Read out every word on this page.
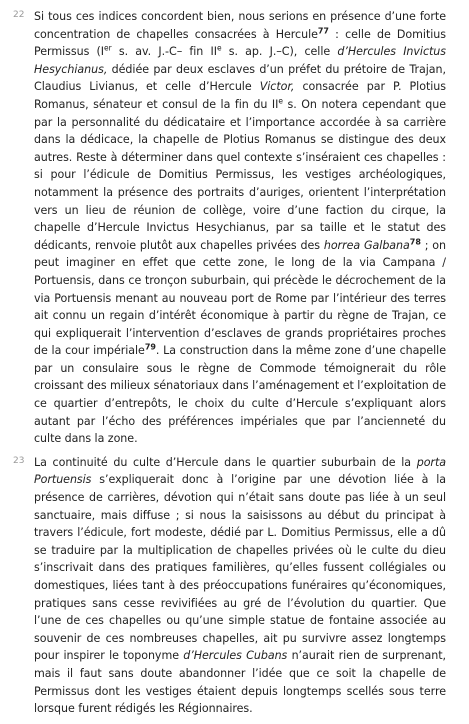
22 Si tous ces indices concordent bien, nous serions en présence d’une forte concentration de chapelles consacrées à Hercule$^{77}$ : celle de Domitius Permissus (Ier s. av. J.-C– fin IIe s. ap. J.–C), celle d’Hercules Invictus Hesychianus, dédiée par deux esclaves d’un préfet du prétoire de Trajan, Claudius Livianus, et celle d’Hercule Victor, consacrée par P. Plotius Romanus, sénateur et consul de la fin du IIe s. On notera cependant que par la personnalité du dédicataire et l’importance accordée à sa carrière dans la dédicace, la chapelle de Plotius Romanus se distingue des deux autres. Reste à déterminer dans quel contexte s’inséraient ces chapelles : si pour l’édicule de Domitius Permissus, les vestiges archéologiques, notamment la présence des portraits d’auriges, orientent l’interprétation vers un lieu de réunion de collège, voire d’une faction du cirque, la chapelle d’Hercule Invictus Hesychianus, par sa taille et le statut des dédicants, renvoie plutôt aux chapelles privées des horrea Galbana$^{78}$ ; on peut imaginer en effet que cette zone, le long de la via Campana / Portuensis, dans ce tronçon suburbain, qui précède le décrochement de la via Portuensis menant au nouveau port de Rome par l’intérieur des terres ait connu un regain d’intérêt économique à partir du règne de Trajan, ce qui expliquerait l’intervention d’esclaves de grands propriétaires proches de la cour impériale$^{79}$. La construction dans la même zone d’une chapelle par un consulaire sous le règne de Commode témoignerait du rôle croissant des milieux sénatoriaux dans l’aménagement et l’exploitation de ce quartier d’entrepôts, le choix du culte d’Hercule s’expliquant alors autant par l’écho des préférences impériales que par l’ancienneté du culte dans la zone.
23 La continuité du culte d’Hercule dans le quartier suburbain de la porta Portuensis s’expliquerait donc à l’origine par une dévotion liée à la présence de carrières, dévotion qui n’était sans doute pas liée à un seul sanctuaire, mais diffuse ; si nous la saisissons au début du principat à travers l’édicule, fort modeste, dédié par L. Domitius Permissus, elle a dû se traduire par la multiplication de chapelles privées où le culte du dieu s’inscrivait dans des pratiques familières, qu’elles fussent collégiales ou domestiques, liées tant à des préoccupations funéraires qu’économiques, pratiques sans cesse revivifiées au gré de l’évolution du quartier. Que l’une de ces chapelles ou qu’une simple statue de fontaine associée au souvenir de ces nombreuses chapelles, ait pu survivre assez longtemps pour inspirer le toponyme d’Hercules Cubans n’aurait rien de surprenant, mais il faut sans doute abandonner l’idée que ce soit la chapelle de Permissus dont les vestiges étaient depuis longtemps scellés sous terre lorsque furent rédigés les Régionnaires.
